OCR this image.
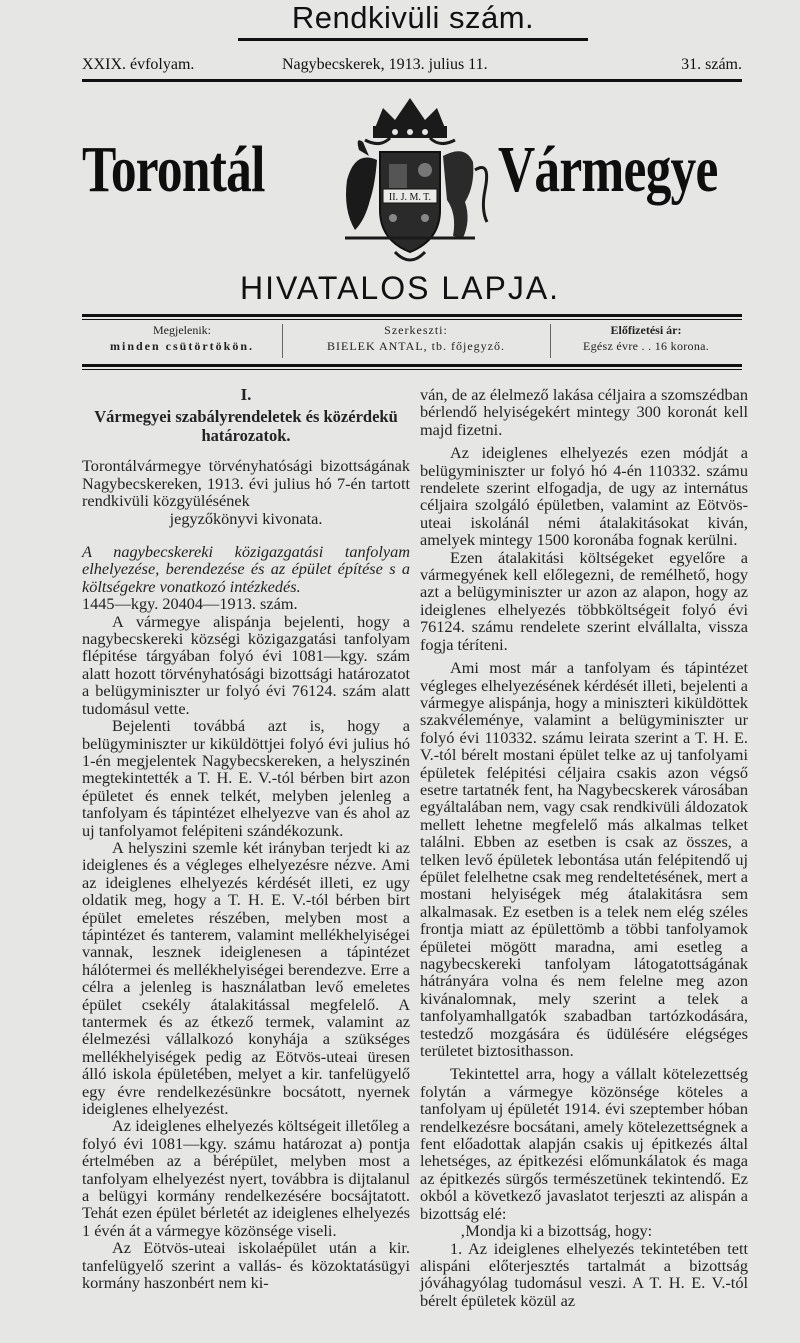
Rendkivüli szám.
XXIX. évfolyam.	Nagybecskerek, 1913. julius 11.	31. szám.
Torontál	Vármegye
II. J. M. T.
HIVATALOS LAPJA.
Megjelenik:
minden csütörtökön.
Szerkeszti:
BIELEK ANTAL, tb. főjegyző.
Előfizetési ár:
Egész évre . . 16 korona.

I.

Vármegyei szabályrendeletek és közérdekü határozatok.

Torontálvármegye törvényhatósági bizottságának Nagybecskereken, 1913. évi julius hó 7-én tartott rendkivüli közgyülésének

jegyzőkönyvi kivonata.

A nagybecskereki közigazgatási tanfolyam elhelyezése, berendezése és az épület építése s a költségekre vonatkozó intézkedés.

1445—kgy. 20404—1913. szám.

A vármegye alispánja bejelenti, hogy a nagybecskereki községi közigazgatási tanfolyam flépitése tárgyában folyó évi 1081—kgy. szám alatt hozott törvényhatósági bizottsági határozatot a belügyminiszter ur folyó évi 76124. szám alatt tudomásul vette.

Bejelenti továbbá azt is, hogy a belügyminiszter ur kiküldöttjei folyó évi julius hó 1-én megjelentek Nagybecskereken, a helyszinén megtekintették a T. H. E. V.-tól bérben birt azon épületet és ennek telkét, melyben jelenleg a tanfolyam és tápintézet elhelyezve van és ahol az uj tanfolyamot felépiteni szándékozunk.

A helyszini szemle két irányban terjedt ki az ideiglenes és a végleges elhelyezésre nézve. Ami az ideiglenes elhelyezés kérdését illeti, ez ugy oldatik meg, hogy a T. H. E. V.-tól bérben birt épület emeletes részében, melyben most a tápintézet és tanterem, valamint mellékhelyiségei vannak, lesznek ideiglenesen a tápintézet hálótermei és mellékhelyiségei berendezve. Erre a célra a jelenleg is használatban levő emeletes épület csekély átalakitással megfelelő. A tantermek és az étkező termek, valamint az élelmezési vállalkozó konyhája a szükséges mellékhelyiségek pedig az Eötvös-uteai üresen álló iskola épületében, melyet a kir. tanfelügyelő egy évre rendelkezésünkre bocsátott, nyernek ideiglenes elhelyezést.

Az ideiglenes elhelyezés költségeit illetőleg a folyó évi 1081—kgy. számu határozat a) pontja értelmében az a bérépület, melyben most a tanfolyam elhelyezést nyert, továbbra is dijtalanul a belügyi kormány rendelkezésére bocsájtatott. Tehát ezen épület bérletét az ideiglenes elhelyezés 1 évén át a vármegye közönsége viseli.

Az Eötvös-uteai iskolaépület után a kir. tanfelügyelő szerint a vallás- és közoktatásügyi kormány haszonbért nem ki-

ván, de az élelmező lakása céljaira a szomszédban bérlendő helyiségekért mintegy 300 koronát kell majd fizetni.

Az ideiglenes elhelyezés ezen módját a belügyminiszter ur folyó hó 4-én 110332. számu rendelete szerint elfogadja, de ugy az internátus céljaira szolgáló épületben, valamint az Eötvös-uteai iskolánál némi átalakitásokat kiván, amelyek mintegy 1500 koronába fognak kerülni.

Ezen átalakitási költségeket egyelőre a vármegyének kell előlegezni, de remélhető, hogy azt a belügyminiszter ur azon az alapon, hogy az ideiglenes elhelyezés többköltségeit folyó évi 76124. számu rendelete szerint elvállalta, vissza fogja téríteni.

Ami most már a tanfolyam és tápintézet végleges elhelyezésének kérdését illeti, bejelenti a vármegye alispánja, hogy a miniszteri kiküldöttek szakvéleménye, valamint a belügyminiszter ur folyó évi 110332. számu leirata szerint a T. H. E. V.-tól bérelt mostani épület telke az uj tanfolyami épületek felépitési céljaira csakis azon végső esetre tartatnék fent, ha Nagybecskerek városában egyáltalában nem, vagy csak rendkivüli áldozatok mellett lehetne megfelelő más alkalmas telket találni. Ebben az esetben is csak az összes, a telken levő épületek lebontása után felépitendő uj épület felelhetne csak meg rendeltetésének, mert a mostani helyiségek még átalakitásra sem alkalmasak. Ez esetben is a telek nem elég széles frontja miatt az épülettömb a többi tanfolyamok épületei mögött maradna, ami esetleg a nagybecskereki tanfolyam látogatottságának hátrányára volna és nem felelne meg azon kivánalomnak, mely szerint a telek a tanfolyamhallgatók szabadban tartózkodására, testedző mozgására és üdülésére elégséges területet biztosithasson.

Tekintettel arra, hogy a vállalt kötelezettség folytán a vármegye közönsége köteles a tanfolyam uj épületét 1914. évi szeptember hóban rendelkezésre bocsátani, amely kötelezettségnek a fent előadottak alapján csakis uj épitkezés által lehetséges, az épitkezési előmunkálatok és maga az épitkezés sürgős természetünek tekintendő. Ez okból a következő javaslatot terjeszti az alispán a bizottság elé:

‚Mondja ki a bizottság, hogy:

1. Az ideiglenes elhelyezés tekintetében tett alispáni előterjesztés tartalmát a bizottság jóváhagyólag tudomásul veszi. A T. H. E. V.-tól bérelt épületek közül az
